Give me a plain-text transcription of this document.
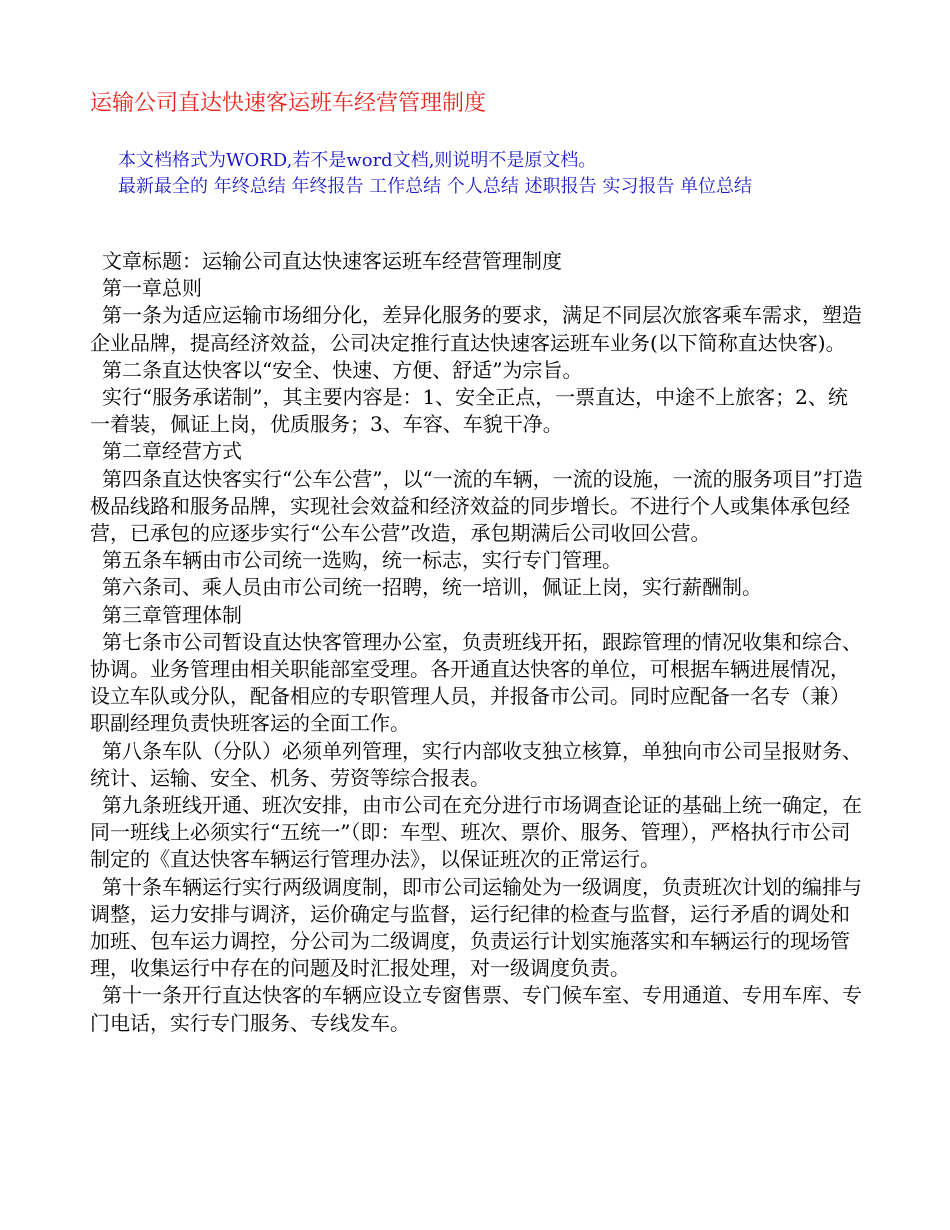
运输公司直达快速客运班车经营管理制度
本文档格式为WORD,若不是word文档,则说明不是原文档。
最新最全的 年终总结 年终报告 工作总结 个人总结 述职报告 实习报告 单位总结

文章标题：运输公司直达快速客运班车经营管理制度

第一章总则

第一条为适应运输市场细分化，差异化服务的要求，满足不同层次旅客乘车需求，塑造企业品牌，提高经济效益，公司决定推行直达快速客运班车业务(以下简称直达快客)。

第二条直达快客以“安全、快速、方便、舒适”为宗旨。

实行“服务承诺制”，其主要内容是：1、安全正点，一票直达，中途不上旅客；2、统一着装，佩证上岗，优质服务；3、车容、车貌干净。

第二章经营方式

第四条直达快客实行“公车公营”，以“一流的车辆，一流的设施，一流的服务项目”打造极品线路和服务品牌，实现社会效益和经济效益的同步增长。不进行个人或集体承包经营，已承包的应逐步实行“公车公营”改造，承包期满后公司收回公营。

第五条车辆由市公司统一选购，统一标志，实行专门管理。

第六条司、乘人员由市公司统一招聘，统一培训，佩证上岗，实行薪酬制。

第三章管理体制

第七条市公司暂设直达快客管理办公室，负责班线开拓，跟踪管理的情况收集和综合、协调。业务管理由相关职能部室受理。各开通直达快客的单位，可根据车辆进展情况，设立车队或分队，配备相应的专职管理人员，并报备市公司。同时应配备一名专（兼）职副经理负责快班客运的全面工作。

第八条车队（分队）必须单列管理，实行内部收支独立核算，单独向市公司呈报财务、统计、运输、安全、机务、劳资等综合报表。

第九条班线开通、班次安排，由市公司在充分进行市场调查论证的基础上统一确定，在同一班线上必须实行“五统一”（即：车型、班次、票价、服务、管理），严格执行市公司制定的《直达快客车辆运行管理办法》，以保证班次的正常运行。

第十条车辆运行实行两级调度制，即市公司运输处为一级调度，负责班次计划的编排与调整，运力安排与调济，运价确定与监督，运行纪律的检查与监督，运行矛盾的调处和加班、包车运力调控，分公司为二级调度，负责运行计划实施落实和车辆运行的现场管理，收集运行中存在的问题及时汇报处理，对一级调度负责。

第十一条开行直达快客的车辆应设立专窗售票、专门候车室、专用通道、专用车库、专门电话，实行专门服务、专线发车。
